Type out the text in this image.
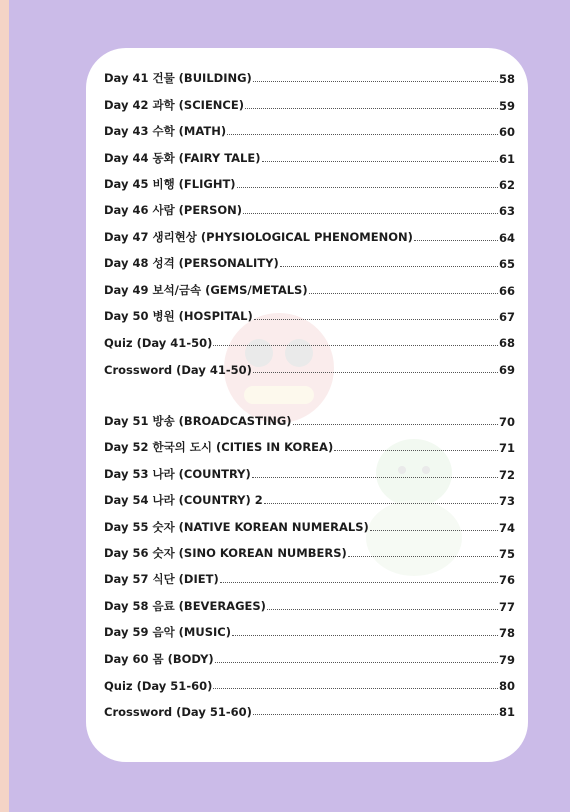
Day 41 건물 (BUILDING)	58
Day 42 과학 (SCIENCE)	59
Day 43 수학 (MATH)	60
Day 44 동화 (FAIRY TALE)	61
Day 45 비행 (FLIGHT)	62
Day 46 사람 (PERSON)	63
Day 47 생리현상 (PHYSIOLOGICAL PHENOMENON)	64
Day 48 성격 (PERSONALITY)	65
Day 49 보석/금속 (GEMS/METALS)	66
Day 50 병원 (HOSPITAL)	67
Quiz (Day 41-50)	68
Crossword (Day 41-50)	69
Day 51 방송 (BROADCASTING)	70
Day 52 한국의 도시 (CITIES IN KOREA)	71
Day 53 나라 (COUNTRY)	72
Day 54 나라 (COUNTRY) 2	73
Day 55 숫자 (NATIVE KOREAN NUMERALS)	74
Day 56 숫자 (SINO KOREAN NUMBERS)	75
Day 57 식단 (DIET)	76
Day 58 음료 (BEVERAGES)	77
Day 59 음악 (MUSIC)	78
Day 60 몸 (BODY)	79
Quiz (Day 51-60)	80
Crossword (Day 51-60)	81
